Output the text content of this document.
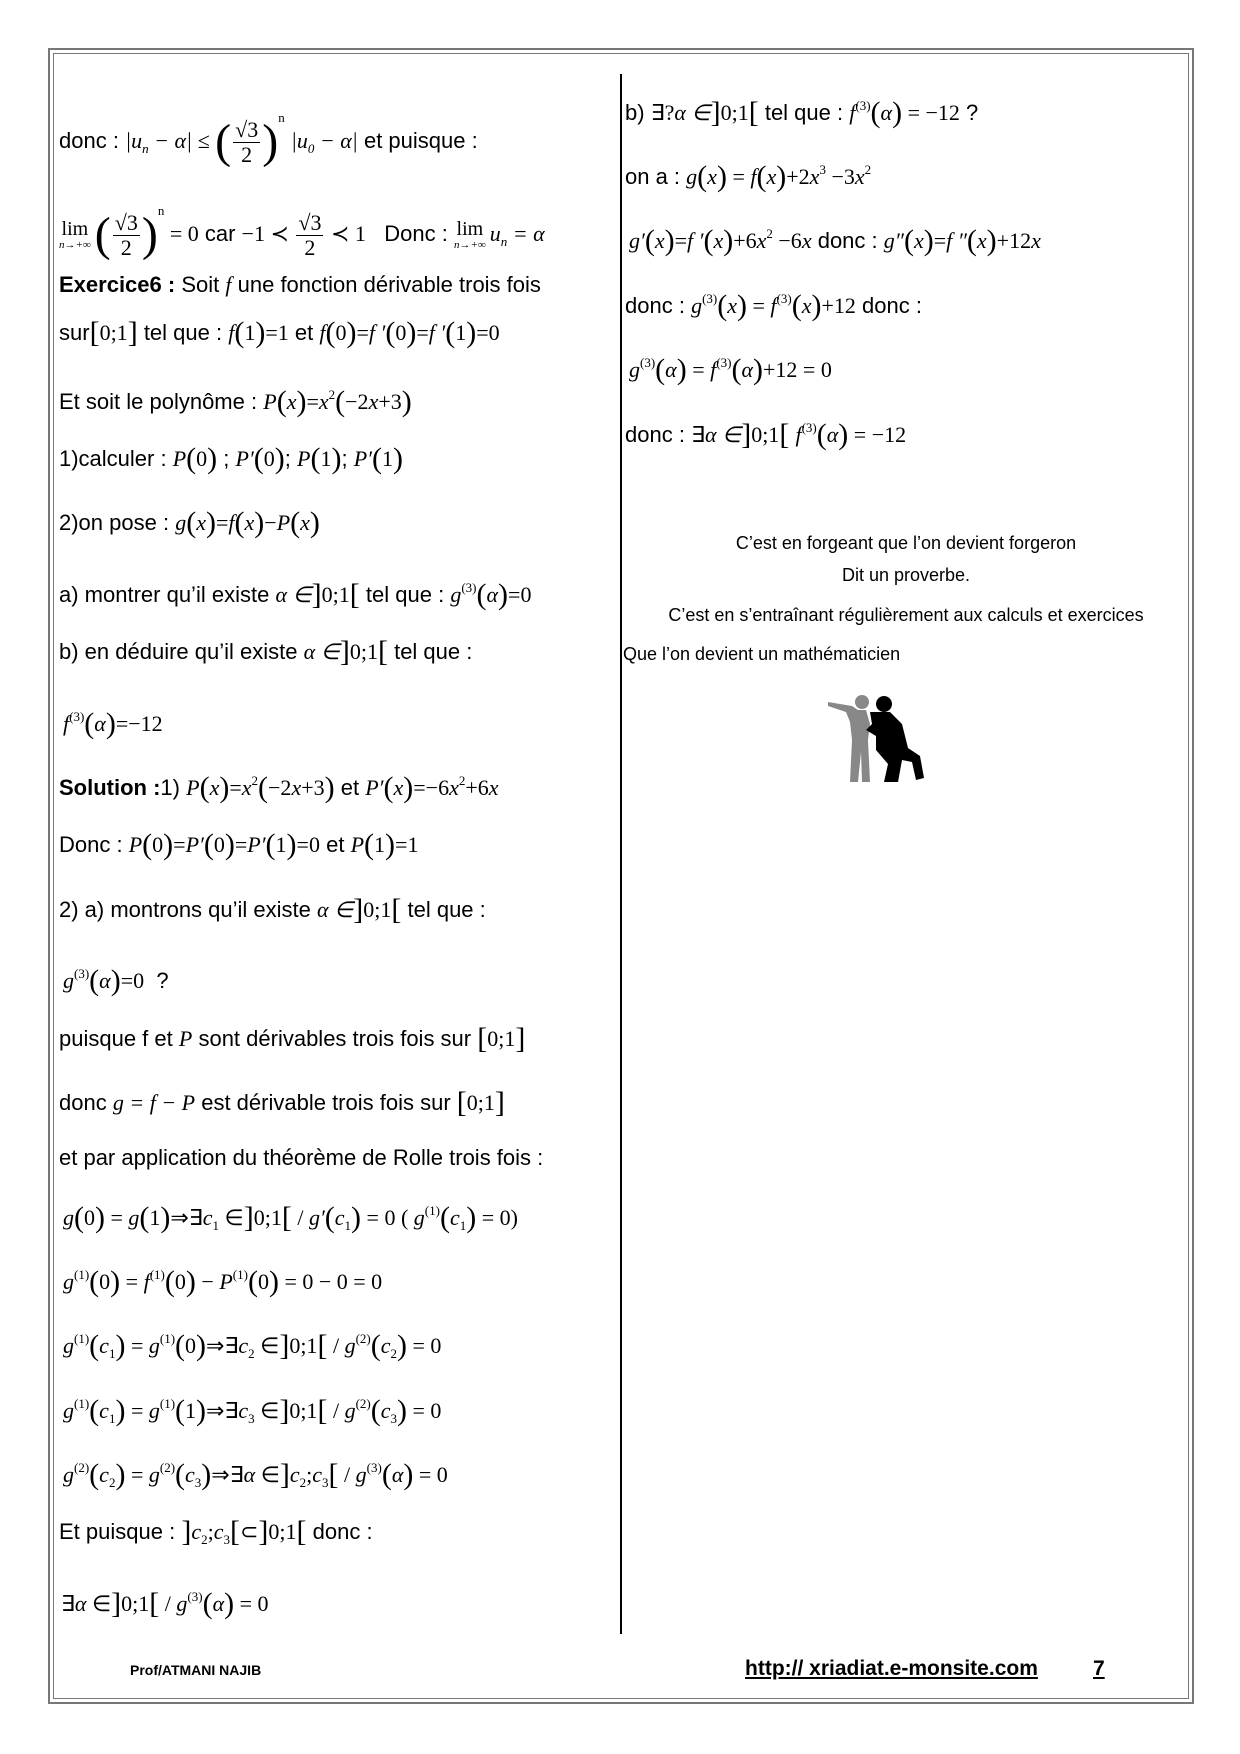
donc : $|u_n - \alpha|$ ≤ ( $\frac{√3}{2} )^n$ $|u_0 - \alpha|$ et puisque :
lim
n→+∞ ( $\frac{√3}{2} )^n = 0$ car −1 ≺ $\frac{√3}{2}$ ≺ 1 Donc : lim
n→+∞ $u_n = \alpha$
Exercice6 : Soit f une fonction dérivable trois fois
sur[0;1] tel que : f(1)=1 et f(0)=f ′(0)=f ′(1)=0
Et soit le polynôme : $P(x)=x^2(-2x+3)$
1)calculer : P(0) ; P′(0); P(1); P′(1)
2)on pose : g(x)=f(x)−P(x)
a) montrer qu’il existe α ∈]0;1[ tel que : $g^{(3)}(\alpha)=0$
b) en déduire qu’il existe α ∈]0;1[ tel que :
$f^{(3)}(\alpha)=-12$
Solution :1) $P(x)=x^2(-2x+3)$ et $P'(x)=-6x^2+6x$
Donc : P(0)=P′(0)=P′(1)=0 et P(1)=1
2) a) montrons qu’il existe α ∈]0;1[ tel que :
$g^{(3)}(\alpha)=0$ ?
puisque f et P sont dérivables trois fois sur [0;1]
donc g = f − P est dérivable trois fois sur [0;1]
et par application du théorème de Rolle trois fois :
$g(0) = g(1)\Rightarrow\exists c_1$ ∈]0;1[ / $g'(c_1) = 0$ ( $g^{(1)}(c_1) = 0$)
$g^{(1)}(0) = f^{(1)}(0) - P^{(1)}(0) = 0 - 0 = 0$
$g^{(1)}(c_1)$ = $g^{(1)}(0)\Rightarrow\exists c_2$ ∈]0;1[ / $g^{(2)}(c_2) = 0$
$g^{(1)}(c_1)$ = $g^{(1)}(1)\Rightarrow\exists c_3$ ∈]0;1[ / $g^{(2)}(c_3) = 0$
$g^{(2)}(c_2)$ = $g^{(2)}(c_3)\Rightarrow\exists\alpha$ $\in]c_2;c_3[ / g^{(3)}(\alpha) = 0$
Et puisque : ]$c_2;c_3[\subset]0;1$[ donc :
∃α ∈]0;1[ / $g^{(3)}(\alpha) = 0$
b) ∃?α ∈]0;1[ tel que : $f^{(3)}(\alpha) = -12$ ?
on a : $g(x) = f(x)+2x^3 -3x^2$
g′(x)=f $'(x)+6x^2 -6x$ donc : g″(x)=f ″(x)+12x
donc : $g^{(3)}(x) = f^{(3)}(x)+12$ donc :
$g^{(3)}(\alpha) = f^{(3)}(\alpha)+12 = 0$
donc : ∃α ∈]0;1[ $f^{(3)}(\alpha) = -12$
C’est en forgeant que l’on devient forgeron
Dit un proverbe.
C’est en s’entraînant régulièrement aux calculs et exercices
Que l’on devient un mathématicien
Prof/ATMANI NAJIB	http:// xriadiat.e-monsite.com	7
